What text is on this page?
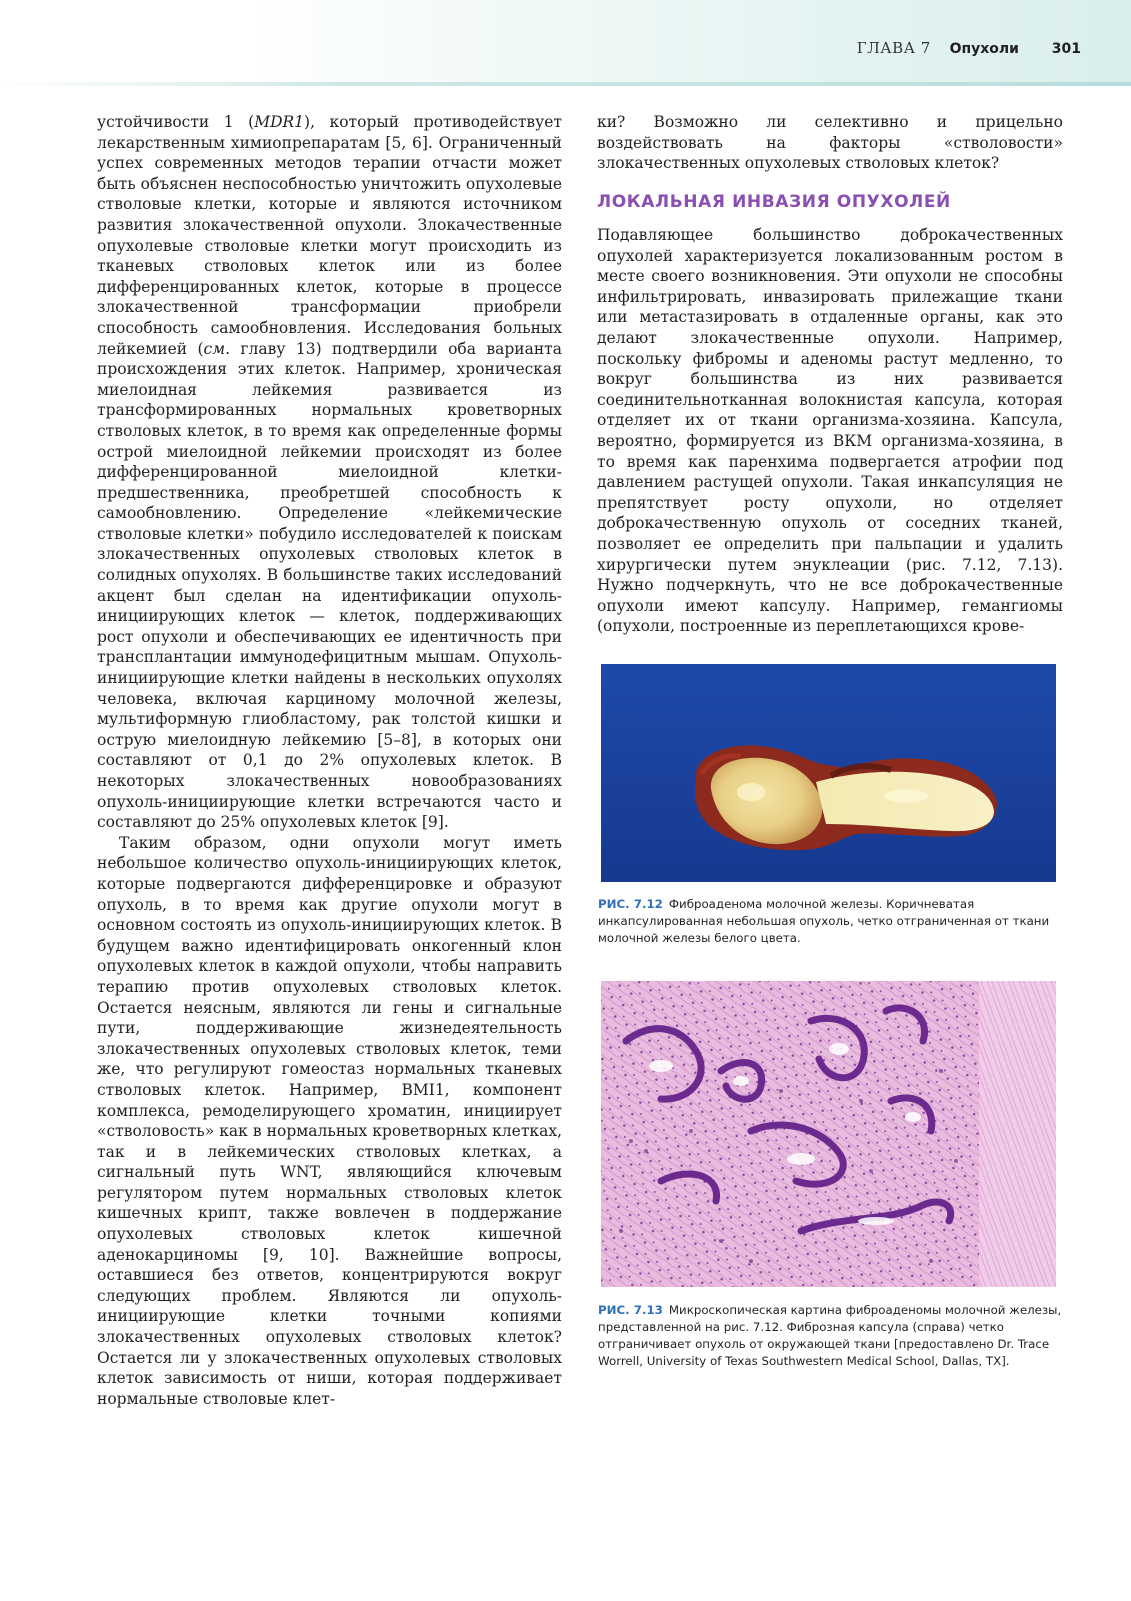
ГЛАВА 7 Опухоли 301

устойчивости 1 (MDR1), который противодействует лекарственным химиопрепаратам [5, 6]. Ограниченный успех современных методов терапии отчасти может быть объяснен неспособностью уничтожить опухолевые стволовые клетки, которые и являются источником развития злокачественной опухоли. Злокачественные опухолевые стволовые клетки могут происходить из тканевых стволовых клеток или из более дифференцированных клеток, которые в процессе злокачественной трансформации приобрели способность самообновления. Исследования больных лейкемией (см. главу 13) подтвердили оба варианта происхождения этих клеток. Например, хроническая миелоидная лейкемия развивается из трансформированных нормальных кроветворных стволовых клеток, в то время как определенные формы острой миелоидной лейкемии происходят из более дифференцированной миелоидной клетки-предшественника, преобретшей способность к самообновлению. Определение «лейкемические стволовые клетки» побудило исследователей к поискам злокачественных опухолевых стволовых клеток в солидных опухолях. В большинстве таких исследований акцент был сделан на идентификации опухоль-инициирующих клеток — клеток, поддерживающих рост опухоли и обеспечивающих ее идентичность при трансплантации иммунодефицитным мышам. Опухоль-инициирующие клетки найдены в нескольких опухолях человека, включая карциному молочной железы, мультиформную глиобластому, рак толстой кишки и острую миелоидную лейкемию [5–8], в которых они составляют от 0,1 до 2% опухолевых клеток. В некоторых злокачественных новообразованиях опухоль-инициирующие клетки встречаются часто и составляют до 25% опухолевых клеток [9].

Таким образом, одни опухоли могут иметь небольшое количество опухоль-инициирующих клеток, которые подвергаются дифференцировке и образуют опухоль, в то время как другие опухоли могут в основном состоять из опухоль-инициирующих клеток. В будущем важно идентифицировать онкогенный клон опухолевых клеток в каждой опухоли, чтобы направить терапию против опухолевых стволовых клеток. Остается неясным, являются ли гены и сигнальные пути, поддерживающие жизнедеятельность злокачественных опухолевых стволовых клеток, теми же, что регулируют гомеостаз нормальных тканевых стволовых клеток. Например, BMI1, компонент комплекса, ремоделирующего хроматин, инициирует «стволовость» как в нормальных кроветворных клетках, так и в лейкемических стволовых клетках, а сигнальный путь WNT, являющийся ключевым регулятором путем нормальных стволовых клеток кишечных крипт, также вовлечен в поддержание опухолевых стволовых клеток кишечной аденокарциномы [9, 10]. Важнейшие вопросы, оставшиеся без ответов, концентрируются вокруг следующих проблем. Являются ли опухоль-инициирующие клетки точными копиями злокачественных опухолевых стволовых клеток? Остается ли у злокачественных опухолевых стволовых клеток зависимость от ниши, которая поддерживает нормальные стволовые клет-

ки? Возможно ли селективно и прицельно воздействовать на факторы «стволовости» злокачественных опухолевых стволовых клеток?

ЛОКАЛЬНАЯ ИНВАЗИЯ ОПУХОЛЕЙ

Подавляющее большинство доброкачественных опухолей характеризуется локализованным ростом в месте своего возникновения. Эти опухоли не способны инфильтрировать, инвазировать прилежащие ткани или метастазировать в отдаленные органы, как это делают злокачественные опухоли. Например, поскольку фибромы и аденомы растут медленно, то вокруг большинства из них развивается соединительнотканная волокнистая капсула, которая отделяет их от ткани организма-хозяина. Капсула, вероятно, формируется из ВКМ организма-хозяина, в то время как паренхима подвергается атрофии под давлением растущей опухоли. Такая инкапсуляция не препятствует росту опухоли, но отделяет доброкачественную опухоль от соседних тканей, позволяет ее определить при пальпации и удалить хирургически путем энуклеации (рис. 7.12, 7.13). Нужно подчеркнуть, что не все доброкачественные опухоли имеют капсулу. Например, гемангиомы (опухоли, построенные из переплетающихся крове-

РИС. 7.12 Фиброаденома молочной железы. Коричневатая инкапсулированная небольшая опухоль, четко отграниченная от ткани молочной железы белого цвета.
РИС. 7.13 Микроскопическая картина фиброаденомы молочной железы, представленной на рис. 7.12. Фиброзная капсула (справа) четко отграничивает опухоль от окружающей ткани [предоставлено Dr. Trace Worrell, University of Texas Southwestern Medical School, Dallas, TX].
